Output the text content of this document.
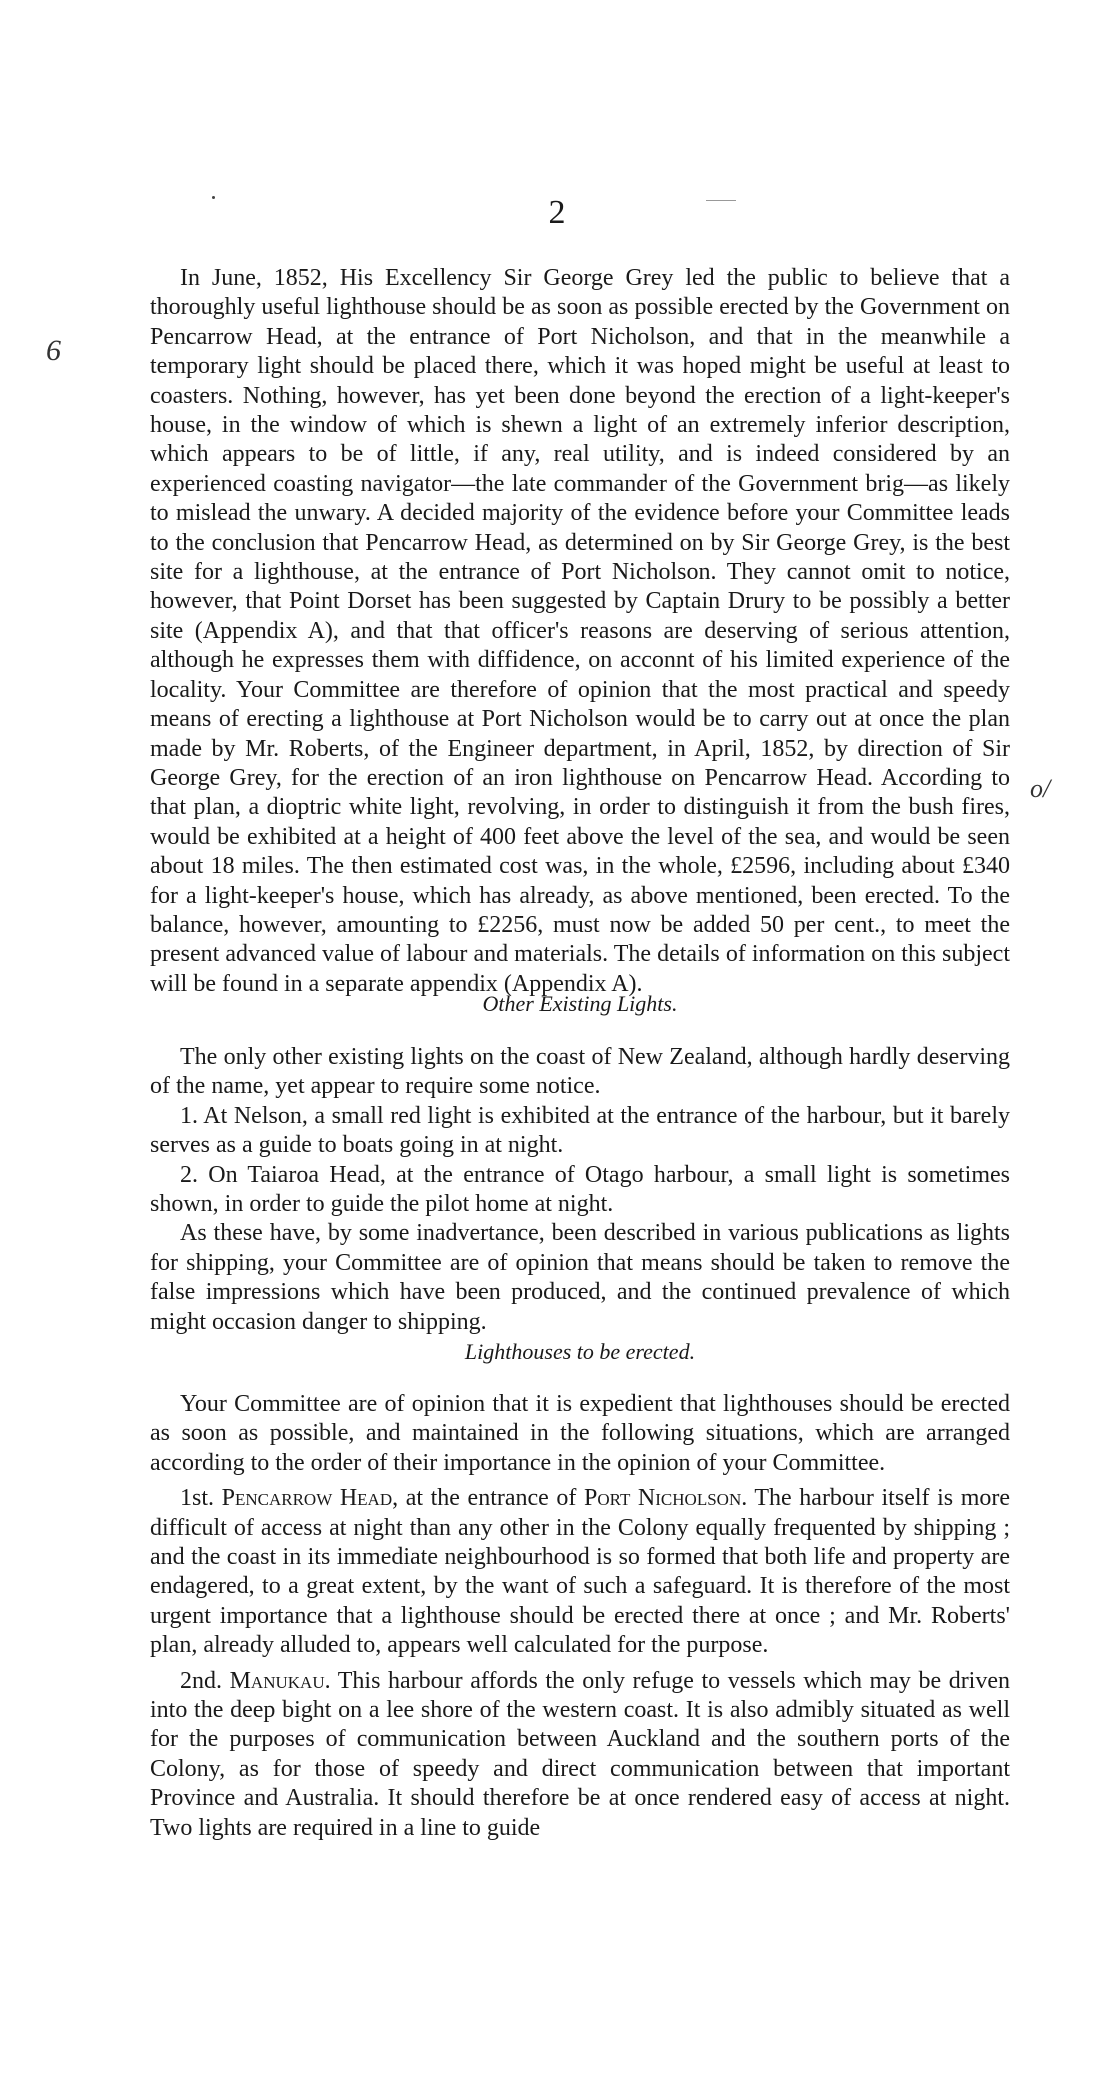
2
6
o/

In June, 1852, His Excellency Sir George Grey led the public to believe that a thoroughly useful lighthouse should be as soon as possible erected by the Government on Pencarrow Head, at the entrance of Port Nicholson, and that in the meanwhile a temporary light should be placed there, which it was hoped might be useful at least to coasters. Nothing, however, has yet been done beyond the erection of a light-keeper's house, in the window of which is shewn a light of an extremely inferior description, which appears to be of little, if any, real utility, and is indeed considered by an experienced coasting navigator—the late commander of the Government brig—as likely to mislead the unwary. A decided majority of the evidence before your Committee leads to the conclusion that Pencarrow Head, as determined on by Sir George Grey, is the best site for a lighthouse, at the entrance of Port Nicholson. They cannot omit to notice, however, that Point Dorset has been suggested by Captain Drury to be possibly a better site (Appendix A), and that that officer's reasons are deserving of serious attention, although he expresses them with diffidence, on acconnt of his limited experience of the locality. Your Committee are therefore of opinion that the most practical and speedy means of erecting a lighthouse at Port Nicholson would be to carry out at once the plan made by Mr. Roberts, of the Engineer department, in April, 1852, by direction of Sir George Grey, for the erection of an iron lighthouse on Pencarrow Head. According to that plan, a dioptric white light, revolving, in order to distinguish it from the bush fires, would be exhibited at a height of 400 feet above the level of the sea, and would be seen about 18 miles. The then estimated cost was, in the whole, £2596, including about £340 for a light-keeper's house, which has already, as above mentioned, been erected. To the balance, however, amounting to £2256, must now be added 50 per cent., to meet the present advanced value of labour and materials. The details of information on this subject will be found in a separate appendix (Appendix A).

Other Existing Lights.

The only other existing lights on the coast of New Zealand, although hardly deserving of the name, yet appear to require some notice.

1. At Nelson, a small red light is exhibited at the entrance of the harbour, but it barely serves as a guide to boats going in at night.

2. On Taiaroa Head, at the entrance of Otago harbour, a small light is sometimes shown, in order to guide the pilot home at night.

As these have, by some inadvertance, been described in various publications as lights for shipping, your Committee are of opinion that means should be taken to remove the false impressions which have been produced, and the continued prevalence of which might occasion danger to shipping.

Lighthouses to be erected.

Your Committee are of opinion that it is expedient that lighthouses should be erected as soon as possible, and maintained in the following situations, which are arranged according to the order of their importance in the opinion of your Committee.

1st. Pencarrow Head, at the entrance of Port Nicholson. The harbour itself is more difficult of access at night than any other in the Colony equally frequented by shipping ; and the coast in its immediate neighbourhood is so formed that both life and property are endagered, to a great extent, by the want of such a safeguard. It is therefore of the most urgent importance that a lighthouse should be erected there at once ; and Mr. Roberts' plan, already alluded to, appears well calculated for the purpose.

2nd. Manukau. This harbour affords the only refuge to vessels which may be driven into the deep bight on a lee shore of the western coast. It is also admibly situated as well for the purposes of communication between Auckland and the southern ports of the Colony, as for those of speedy and direct communication between that important Province and Australia. It should therefore be at once rendered easy of access at night. Two lights are required in a line to guide
